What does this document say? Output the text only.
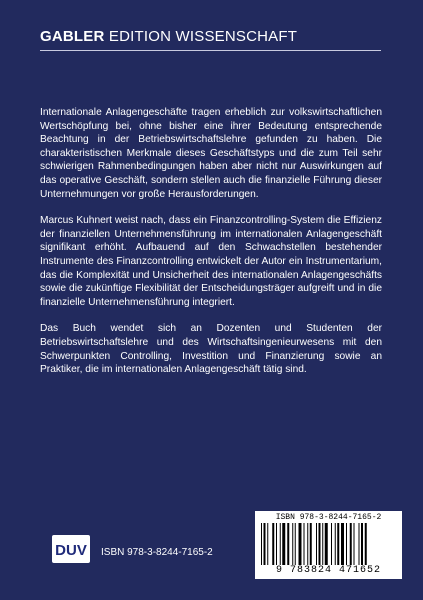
GABLER EDITION WISSENSCHAFT

Internationale Anlagengeschäfte tragen erheblich zur volkswirtschaftlichen Wertschöpfung bei, ohne bisher eine ihrer Bedeutung entsprechende Beachtung in der Betriebswirtschaftslehre gefunden zu haben. Die charakteristischen Merkmale dieses Geschäftstyps und die zum Teil sehr schwierigen Rahmenbedingungen haben aber nicht nur Auswirkungen auf das operative Geschäft, sondern stellen auch die finanzielle Führung dieser Unternehmungen vor große Herausforderungen.

Marcus Kuhnert weist nach, dass ein Finanzcontrolling-System die Effizienz der finanziellen Unternehmensführung im internationalen Anlagengeschäft signifikant erhöht. Aufbauend auf den Schwachstellen bestehender Instrumente des Finanzcontrolling entwickelt der Autor ein Instrumentarium, das die Komplexität und Unsicherheit des internationalen Anlagengeschäfts sowie die zukünftige Flexibilität der Entscheidungsträger aufgreift und in die finanzielle Unternehmensführung integriert.

Das Buch wendet sich an Dozenten und Studenten der Betriebswirtschaftslehre und des Wirtschaftsingenieurwesens mit den Schwerpunkten Controlling, Investition und Finanzierung sowie an Praktiker, die im internationalen Anlagengeschäft tätig sind.

DUV ISBN 978-3-8244-7165-2
ISBN 978-3-8244-7165-2
9 783824 471652
